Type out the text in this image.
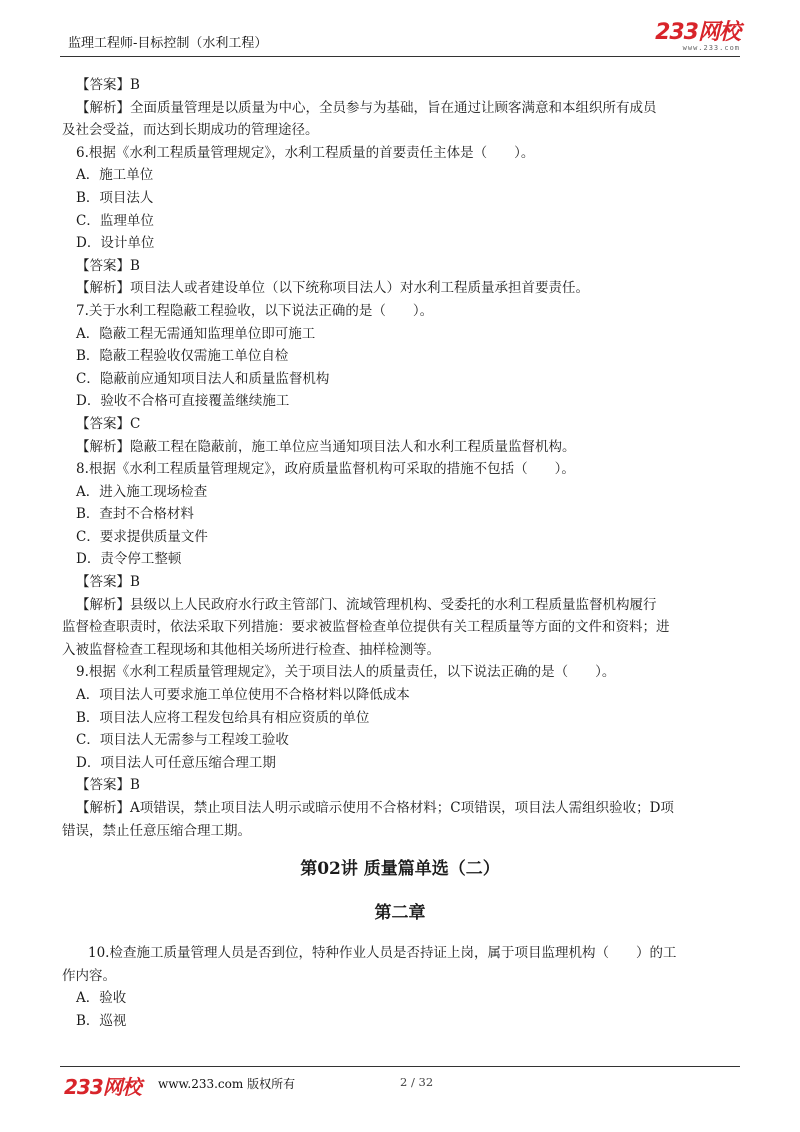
监理工程师-目标控制（水利工程）	233网校
www.233.com
【答案】B
【解析】全面质量管理是以质量为中心，全员参与为基础，旨在通过让顾客满意和本组织所有成员
及社会受益，而达到长期成功的管理途径。
6.根据《水利工程质量管理规定》，水利工程质量的首要责任主体是（　　）。
A．施工单位
B．项目法人
C．监理单位
D．设计单位
【答案】B
【解析】项目法人或者建设单位（以下统称项目法人）对水利工程质量承担首要责任。
7.关于水利工程隐蔽工程验收，以下说法正确的是（　　）。
A．隐蔽工程无需通知监理单位即可施工
B．隐蔽工程验收仅需施工单位自检
C．隐蔽前应通知项目法人和质量监督机构
D．验收不合格可直接覆盖继续施工
【答案】C
【解析】隐蔽工程在隐蔽前，施工单位应当通知项目法人和水利工程质量监督机构。
8.根据《水利工程质量管理规定》，政府质量监督机构可采取的措施不包括（　　）。
A．进入施工现场检查
B．查封不合格材料
C．要求提供质量文件
D．责令停工整顿
【答案】B
【解析】县级以上人民政府水行政主管部门、流域管理机构、受委托的水利工程质量监督机构履行
监督检查职责时，依法采取下列措施：要求被监督检查单位提供有关工程质量等方面的文件和资料；进
入被监督检查工程现场和其他相关场所进行检查、抽样检测等。
9.根据《水利工程质量管理规定》，关于项目法人的质量责任，以下说法正确的是（　　）。
A．项目法人可要求施工单位使用不合格材料以降低成本
B．项目法人应将工程发包给具有相应资质的单位
C．项目法人无需参与工程竣工验收
D．项目法人可任意压缩合理工期
【答案】B
【解析】A项错误，禁止项目法人明示或暗示使用不合格材料；C项错误，项目法人需组织验收；D项
错误，禁止任意压缩合理工期。
第02讲 质量篇单选（二）
第二章
10.检查施工质量管理人员是否到位，特种作业人员是否持证上岗，属于项目监理机构（　　）的工
作内容。
A．验收
B．巡视
233网校 www.233.com 版权所有	2 / 32
